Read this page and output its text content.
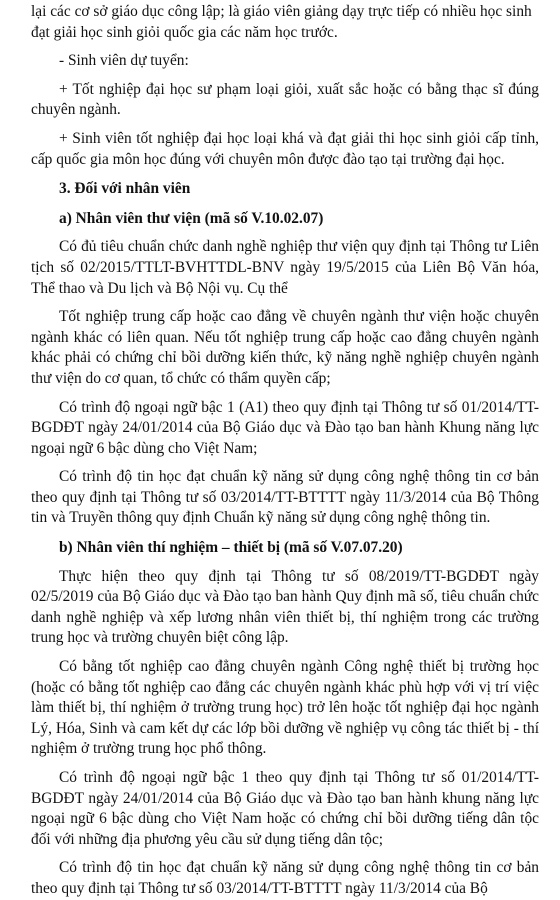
lại các cơ sở giáo dục công lập; là giáo viên giảng dạy trực tiếp có nhiều học sinh đạt giải học sinh giỏi quốc gia các năm học trước.

- Sinh viên dự tuyển:

+ Tốt nghiệp đại học sư phạm loại giỏi, xuất sắc hoặc có bằng thạc sĩ đúng chuyên ngành.

+ Sinh viên tốt nghiệp đại học loại khá và đạt giải thi học sinh giỏi cấp tỉnh, cấp quốc gia môn học đúng với chuyên môn được đào tạo tại trường đại học.

3. Đối với nhân viên

a) Nhân viên thư viện (mã số V.10.02.07)

Có đủ tiêu chuẩn chức danh nghề nghiệp thư viện quy định tại Thông tư Liên tịch số 02/2015/TTLT-BVHTTDL-BNV ngày 19/5/2015 của Liên Bộ Văn hóa, Thể thao và Du lịch và Bộ Nội vụ. Cụ thể

Tốt nghiệp trung cấp hoặc cao đẳng về chuyên ngành thư viện hoặc chuyên ngành khác có liên quan. Nếu tốt nghiệp trung cấp hoặc cao đẳng chuyên ngành khác phải có chứng chỉ bồi dưỡng kiến thức, kỹ năng nghề nghiệp chuyên ngành thư viện do cơ quan, tổ chức có thẩm quyền cấp;

Có trình độ ngoại ngữ bậc 1 (A1) theo quy định tại Thông tư số 01/2014/TT-BGDĐT ngày 24/01/2014 của Bộ Giáo dục và Đào tạo ban hành Khung năng lực ngoại ngữ 6 bậc dùng cho Việt Nam;

Có trình độ tin học đạt chuẩn kỹ năng sử dụng công nghệ thông tin cơ bản theo quy định tại Thông tư số 03/2014/TT-BTTTT ngày 11/3/2014 của Bộ Thông tin và Truyền thông quy định Chuẩn kỹ năng sử dụng công nghệ thông tin.

b) Nhân viên thí nghiệm – thiết bị (mã số V.07.07.20)

Thực hiện theo quy định tại Thông tư số 08/2019/TT-BGDĐT ngày 02/5/2019 của Bộ Giáo dục và Đào tạo ban hành Quy định mã số, tiêu chuẩn chức danh nghề nghiệp và xếp lương nhân viên thiết bị, thí nghiệm trong các trường trung học và trường chuyên biệt công lập.

Có bằng tốt nghiệp cao đẳng chuyên ngành Công nghệ thiết bị trường học (hoặc có bằng tốt nghiệp cao đẳng các chuyên ngành khác phù hợp với vị trí việc làm thiết bị, thí nghiệm ở trường trung học) trở lên hoặc tốt nghiệp đại học ngành Lý, Hóa, Sinh và cam kết dự các lớp bồi dưỡng về nghiệp vụ công tác thiết bị - thí nghiệm ở trường trung học phổ thông.

Có trình độ ngoại ngữ bậc 1 theo quy định tại Thông tư số 01/2014/TT-BGDĐT ngày 24/01/2014 của Bộ Giáo dục và Đào tạo ban hành khung năng lực ngoại ngữ 6 bậc dùng cho Việt Nam hoặc có chứng chỉ bồi dưỡng tiếng dân tộc đối với những địa phương yêu cầu sử dụng tiếng dân tộc;

Có trình độ tin học đạt chuẩn kỹ năng sử dụng công nghệ thông tin cơ bản theo quy định tại Thông tư số 03/2014/TT-BTTTT ngày 11/3/2014 của Bộ
